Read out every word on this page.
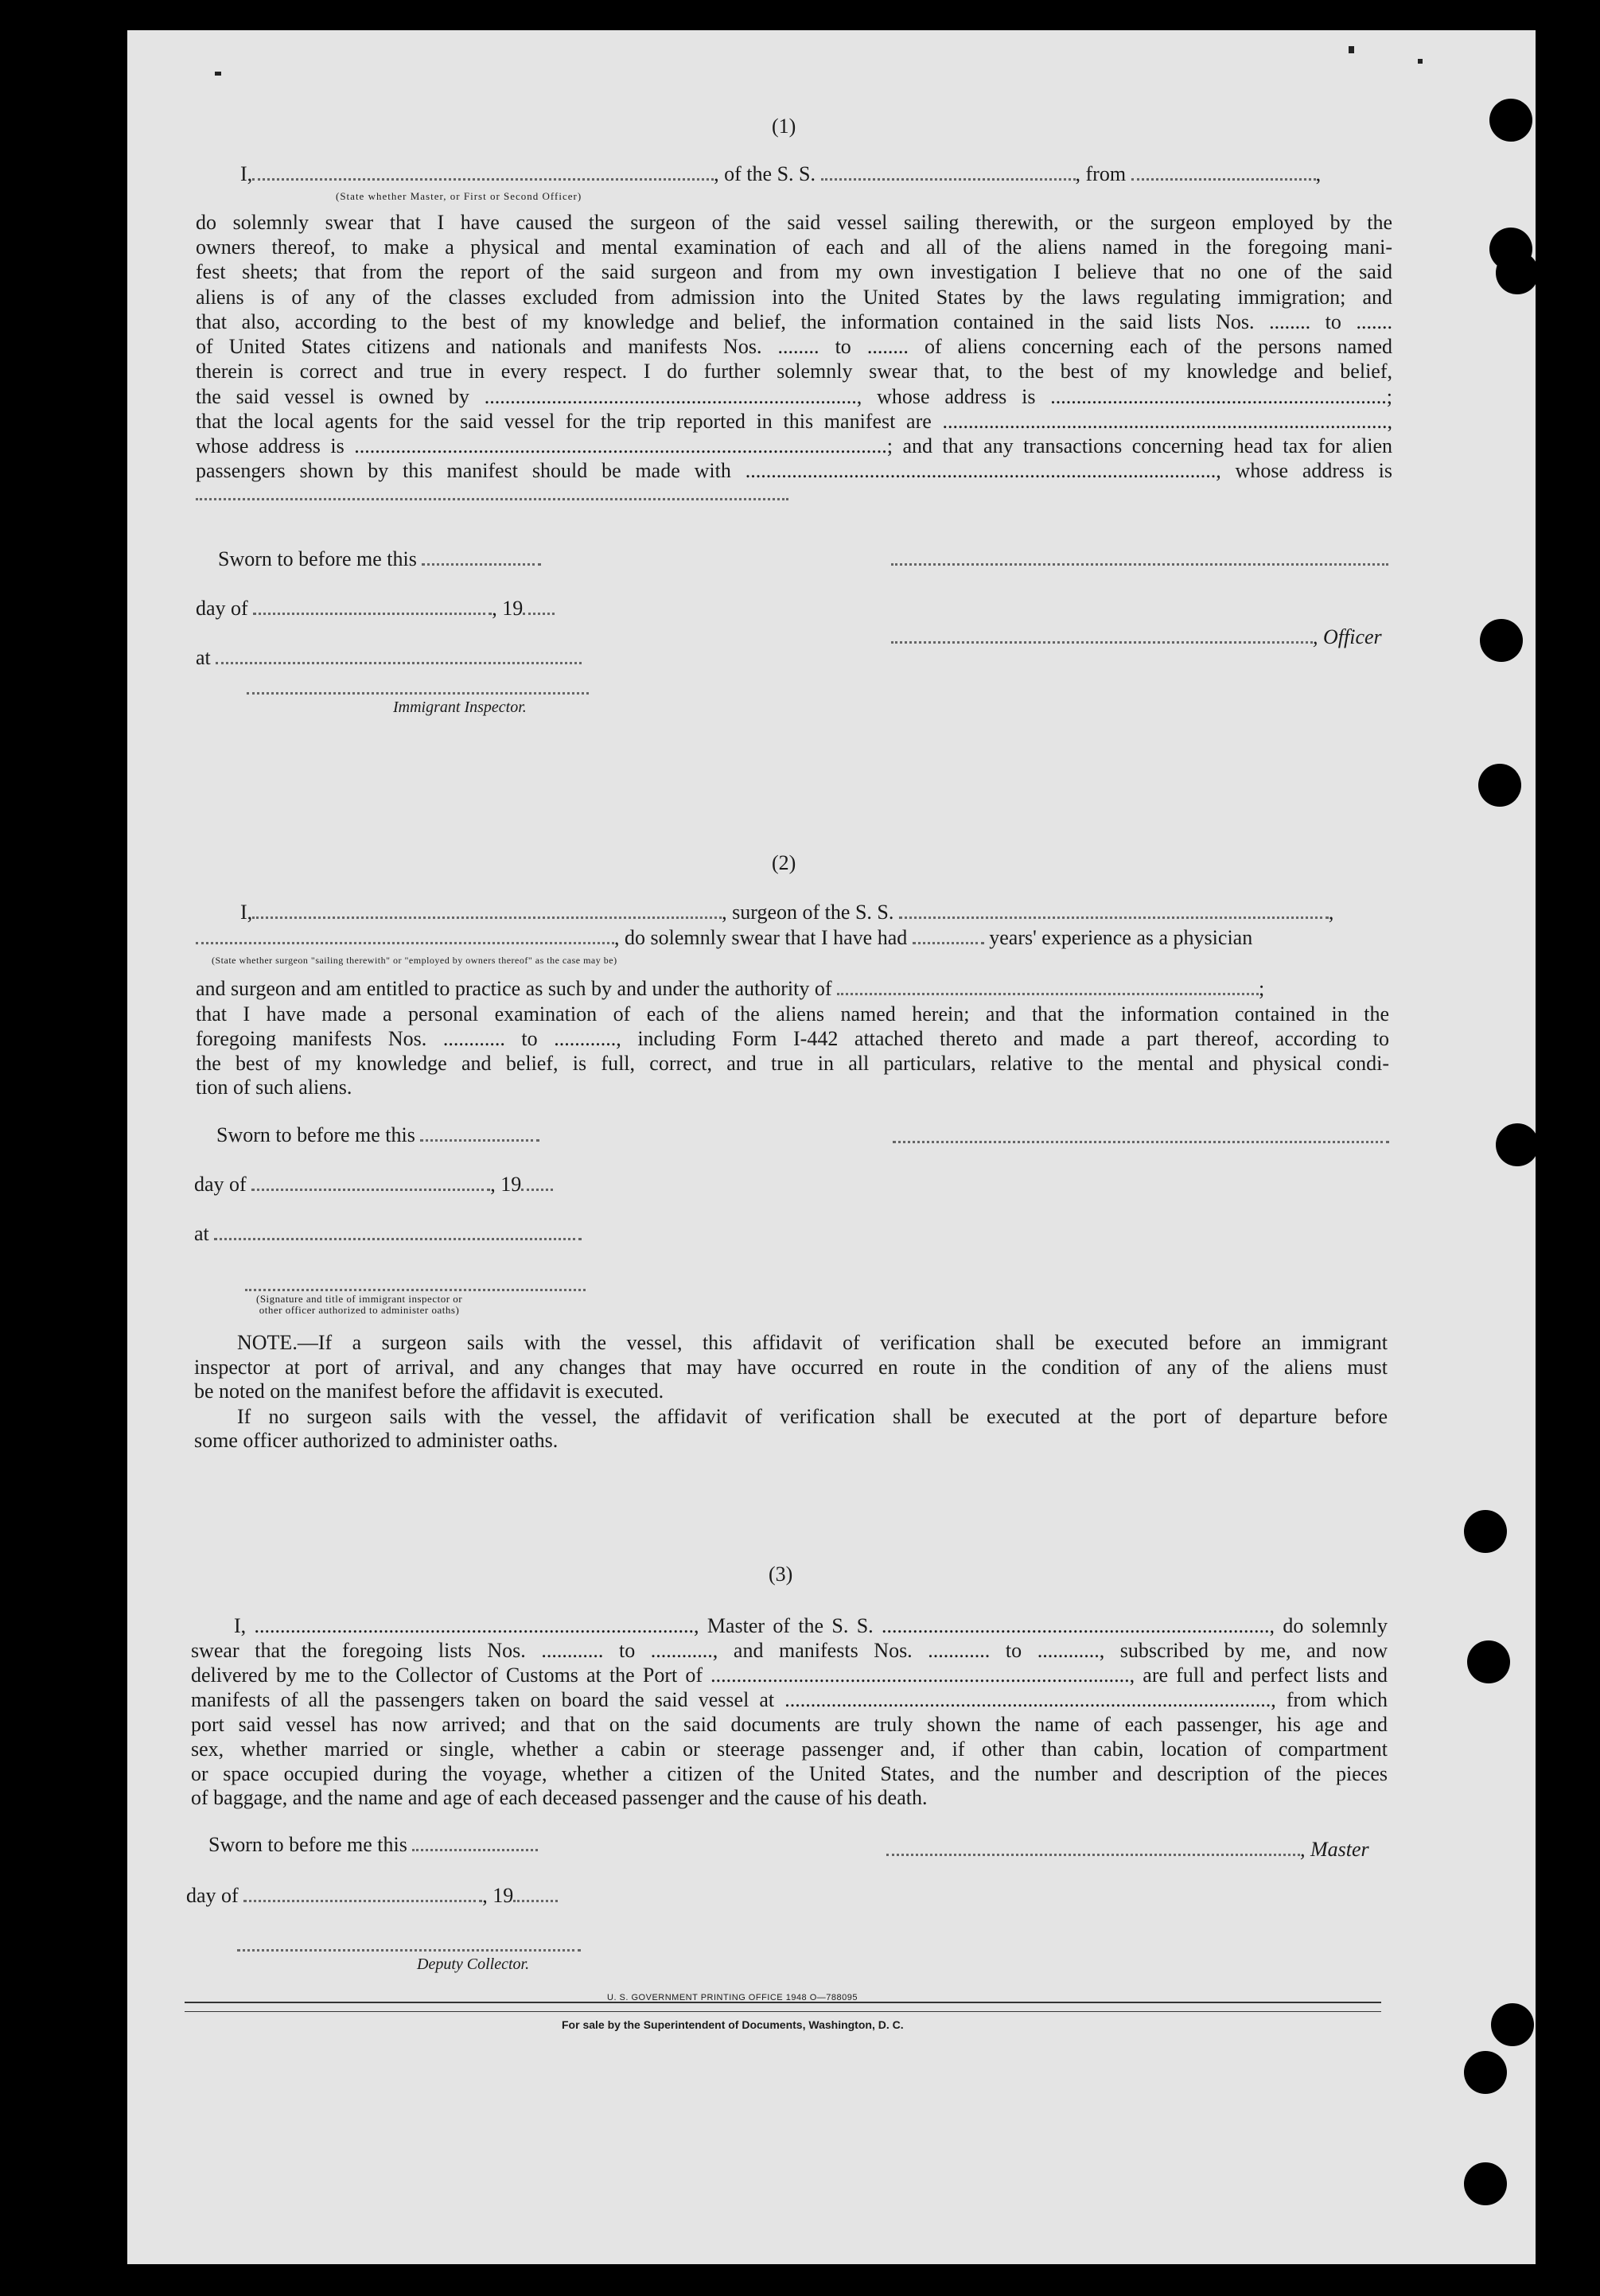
(1)
I,	, of the S. S.	, from	,
(State whether Master, or First or Second Officer)
do solemnly swear that I have caused the surgeon of the said vessel sailing therewith, or the surgeon employed by the
owners thereof, to make a physical and mental examination of each and all of the aliens named in the foregoing mani-
fest sheets; that from the report of the said surgeon and from my own investigation I believe that no one of the said
aliens is of any of the classes excluded from admission into the United States by the laws regulating immigration; and
that also, according to the best of my knowledge and belief, the information contained in the said lists Nos. ........ to .......
of United States citizens and nationals and manifests Nos. ........ to ........ of aliens concerning each of the persons named
therein is correct and true in every respect. I do further solemnly swear that, to the best of my knowledge and belief,
the said vessel is owned by ........................................................................, whose address is .................................................................;
that the local agents for the said vessel for the trip reported in this manifest are ......................................................................................,
whose address is .......................................................................................................; and that any transactions concerning head tax for alien
passengers shown by this manifest should be made with ..........................................................................................., whose address is
Sworn to before me this
day of	, 19
, Officer
at
Immigrant Inspector.
(2)
I,	, surgeon of the S. S.	,
, do solemnly swear that I have had	years' experience as a physician
(State whether surgeon "sailing therewith" or "employed by owners thereof" as the case may be)
and surgeon and am entitled to practice as such by and under the authority of	;
that I have made a personal examination of each of the aliens named herein; and that the information contained in the
foregoing manifests Nos. ............ to ............, including Form I-442 attached thereto and made a part thereof, according to
the best of my knowledge and belief, is full, correct, and true in all particulars, relative to the mental and physical condi-
tion of such aliens.
Sworn to before me this
day of	, 19
at
(Signature and title of immigrant inspector or
other officer authorized to administer oaths)
NOTE.—If a surgeon sails with the vessel, this affidavit of verification shall be executed before an immigrant
inspector at port of arrival, and any changes that may have occurred en route in the condition of any of the aliens must
be noted on the manifest before the affidavit is executed.
If no surgeon sails with the vessel, the affidavit of verification shall be executed at the port of departure before
some officer authorized to administer oaths.
(3)
I, ....................................................................................., Master of the S. S. ..........................................................................., do solemnly
swear that the foregoing lists Nos. ............ to ............, and manifests Nos. ............ to ............, subscribed by me, and now
delivered by me to the Collector of Customs at the Port of ................................................................................., are full and perfect lists and
manifests of all the passengers taken on board the said vessel at .............................................................................................., from which
port said vessel has now arrived; and that on the said documents are truly shown the name of each passenger, his age and
sex, whether married or single, whether a cabin or steerage passenger and, if other than cabin, location of compartment
or space occupied during the voyage, whether a citizen of the United States, and the number and description of the pieces
of baggage, and the name and age of each deceased passenger and the cause of his death.
Sworn to before me this	, Master
day of	, 19
Deputy Collector.
U. S. GOVERNMENT PRINTING OFFICE 1948 O—788095
For sale by the Superintendent of Documents, Washington, D. C.
